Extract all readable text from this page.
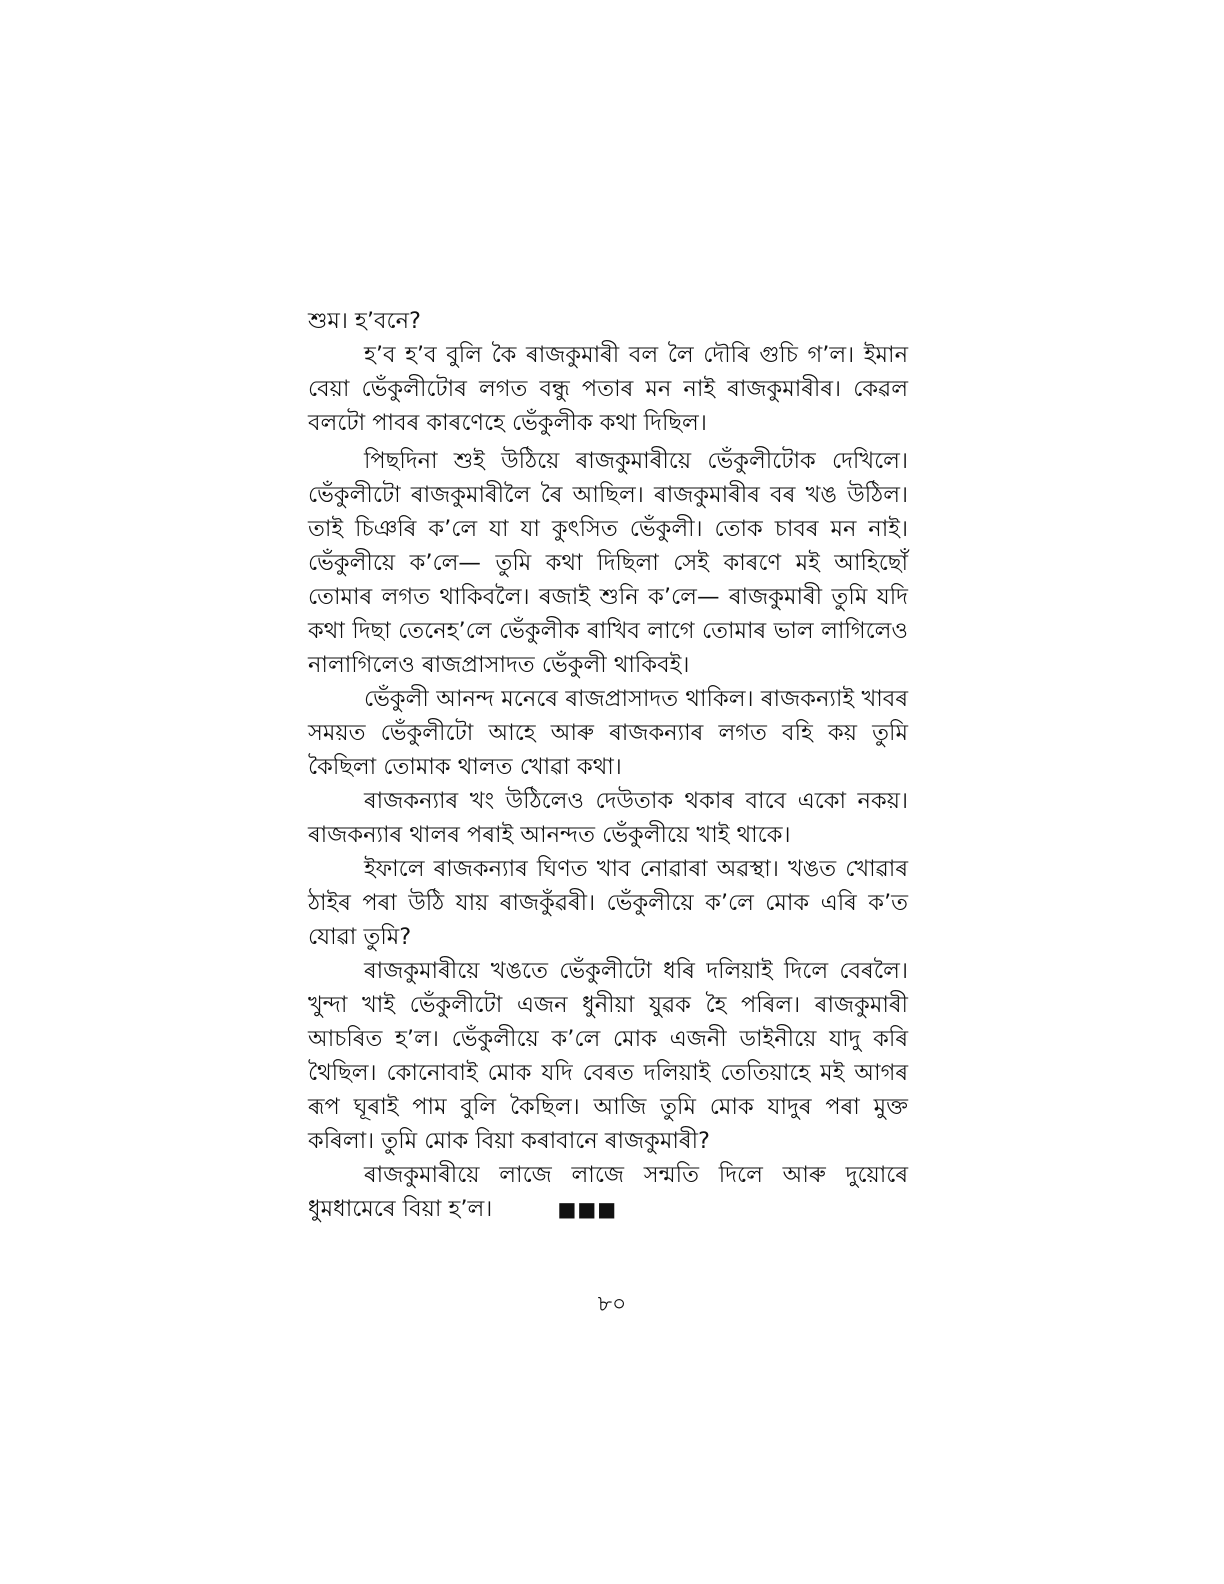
শুম। হ’বনে?

হ’ব হ’ব বুলি কৈ ৰাজকুমাৰী বল লৈ দৌৰি গুচি গ’ল। ইমান বেয়া ভেঁকুলীটোৰ লগত বন্ধু পতাৰ মন নাই ৰাজকুমাৰীৰ। কেৱল বলটো পাবৰ কাৰণেহে ভেঁকুলীক কথা দিছিল।

পিছদিনা শুই উঠিয়ে ৰাজকুমাৰীয়ে ভেঁকুলীটোক দেখিলে। ভেঁকুলীটো ৰাজকুমাৰীলৈ ৰৈ আছিল। ৰাজকুমাৰীৰ বৰ খঙ উঠিল। তাই চিঞৰি ক’লে যা যা কুৎসিত ভেঁকুলী। তোক চাবৰ মন নাই। ভেঁকুলীয়ে ক’লে— তুমি কথা দিছিলা সেই কাৰণে মই আহিছোঁ তোমাৰ লগত থাকিবলৈ। ৰজাই শুনি ক’লে— ৰাজকুমাৰী তুমি যদি কথা দিছা তেনেহ’লে ভেঁকুলীক ৰাখিব লাগে তোমাৰ ভাল লাগিলেও নালাগিলেও ৰাজপ্ৰাসাদত ভেঁকুলী থাকিবই।

ভেঁকুলী আনন্দ মনেৰে ৰাজপ্ৰাসাদত থাকিল। ৰাজকন্যাই খাবৰ সময়ত ভেঁকুলীটো আহে আৰু ৰাজকন্যাৰ লগত বহি কয় তুমি কৈছিলা তোমাক থালত খোৱা কথা।

ৰাজকন্যাৰ খং উঠিলেও দেউতাক থকাৰ বাবে একো নকয়। ৰাজকন্যাৰ থালৰ পৰাই আনন্দত ভেঁকুলীয়ে খাই থাকে।

ইফালে ৰাজকন্যাৰ ঘিণত খাব নোৱাৰা অৱস্থা। খঙত খোৱাৰ ঠাইৰ পৰা উঠি যায় ৰাজকুঁৱৰী। ভেঁকুলীয়ে ক’লে মোক এৰি ক’ত যোৱা তুমি?

ৰাজকুমাৰীয়ে খঙতে ভেঁকুলীটো ধৰি দলিয়াই দিলে বেৰলৈ। খুন্দা খাই ভেঁকুলীটো এজন ধুনীয়া যুৱক হৈ পৰিল। ৰাজকুমাৰী আচৰিত হ’ল। ভেঁকুলীয়ে ক’লে মোক এজনী ডাইনীয়ে যাদু কৰি থৈছিল। কোনোবাই মোক যদি বেৰত দলিয়াই তেতিয়াহে মই আগৰ ৰূপ ঘূৰাই পাম বুলি কৈছিল। আজি তুমি মোক যাদুৰ পৰা মুক্ত কৰিলা। তুমি মোক বিয়া কৰাবানে ৰাজকুমাৰী?

ৰাজকুমাৰীয়ে লাজে লাজে সন্মতি দিলে আৰু দুয়োৰে ধুমধামেৰে বিয়া হ’ল।	■■■

৮০
